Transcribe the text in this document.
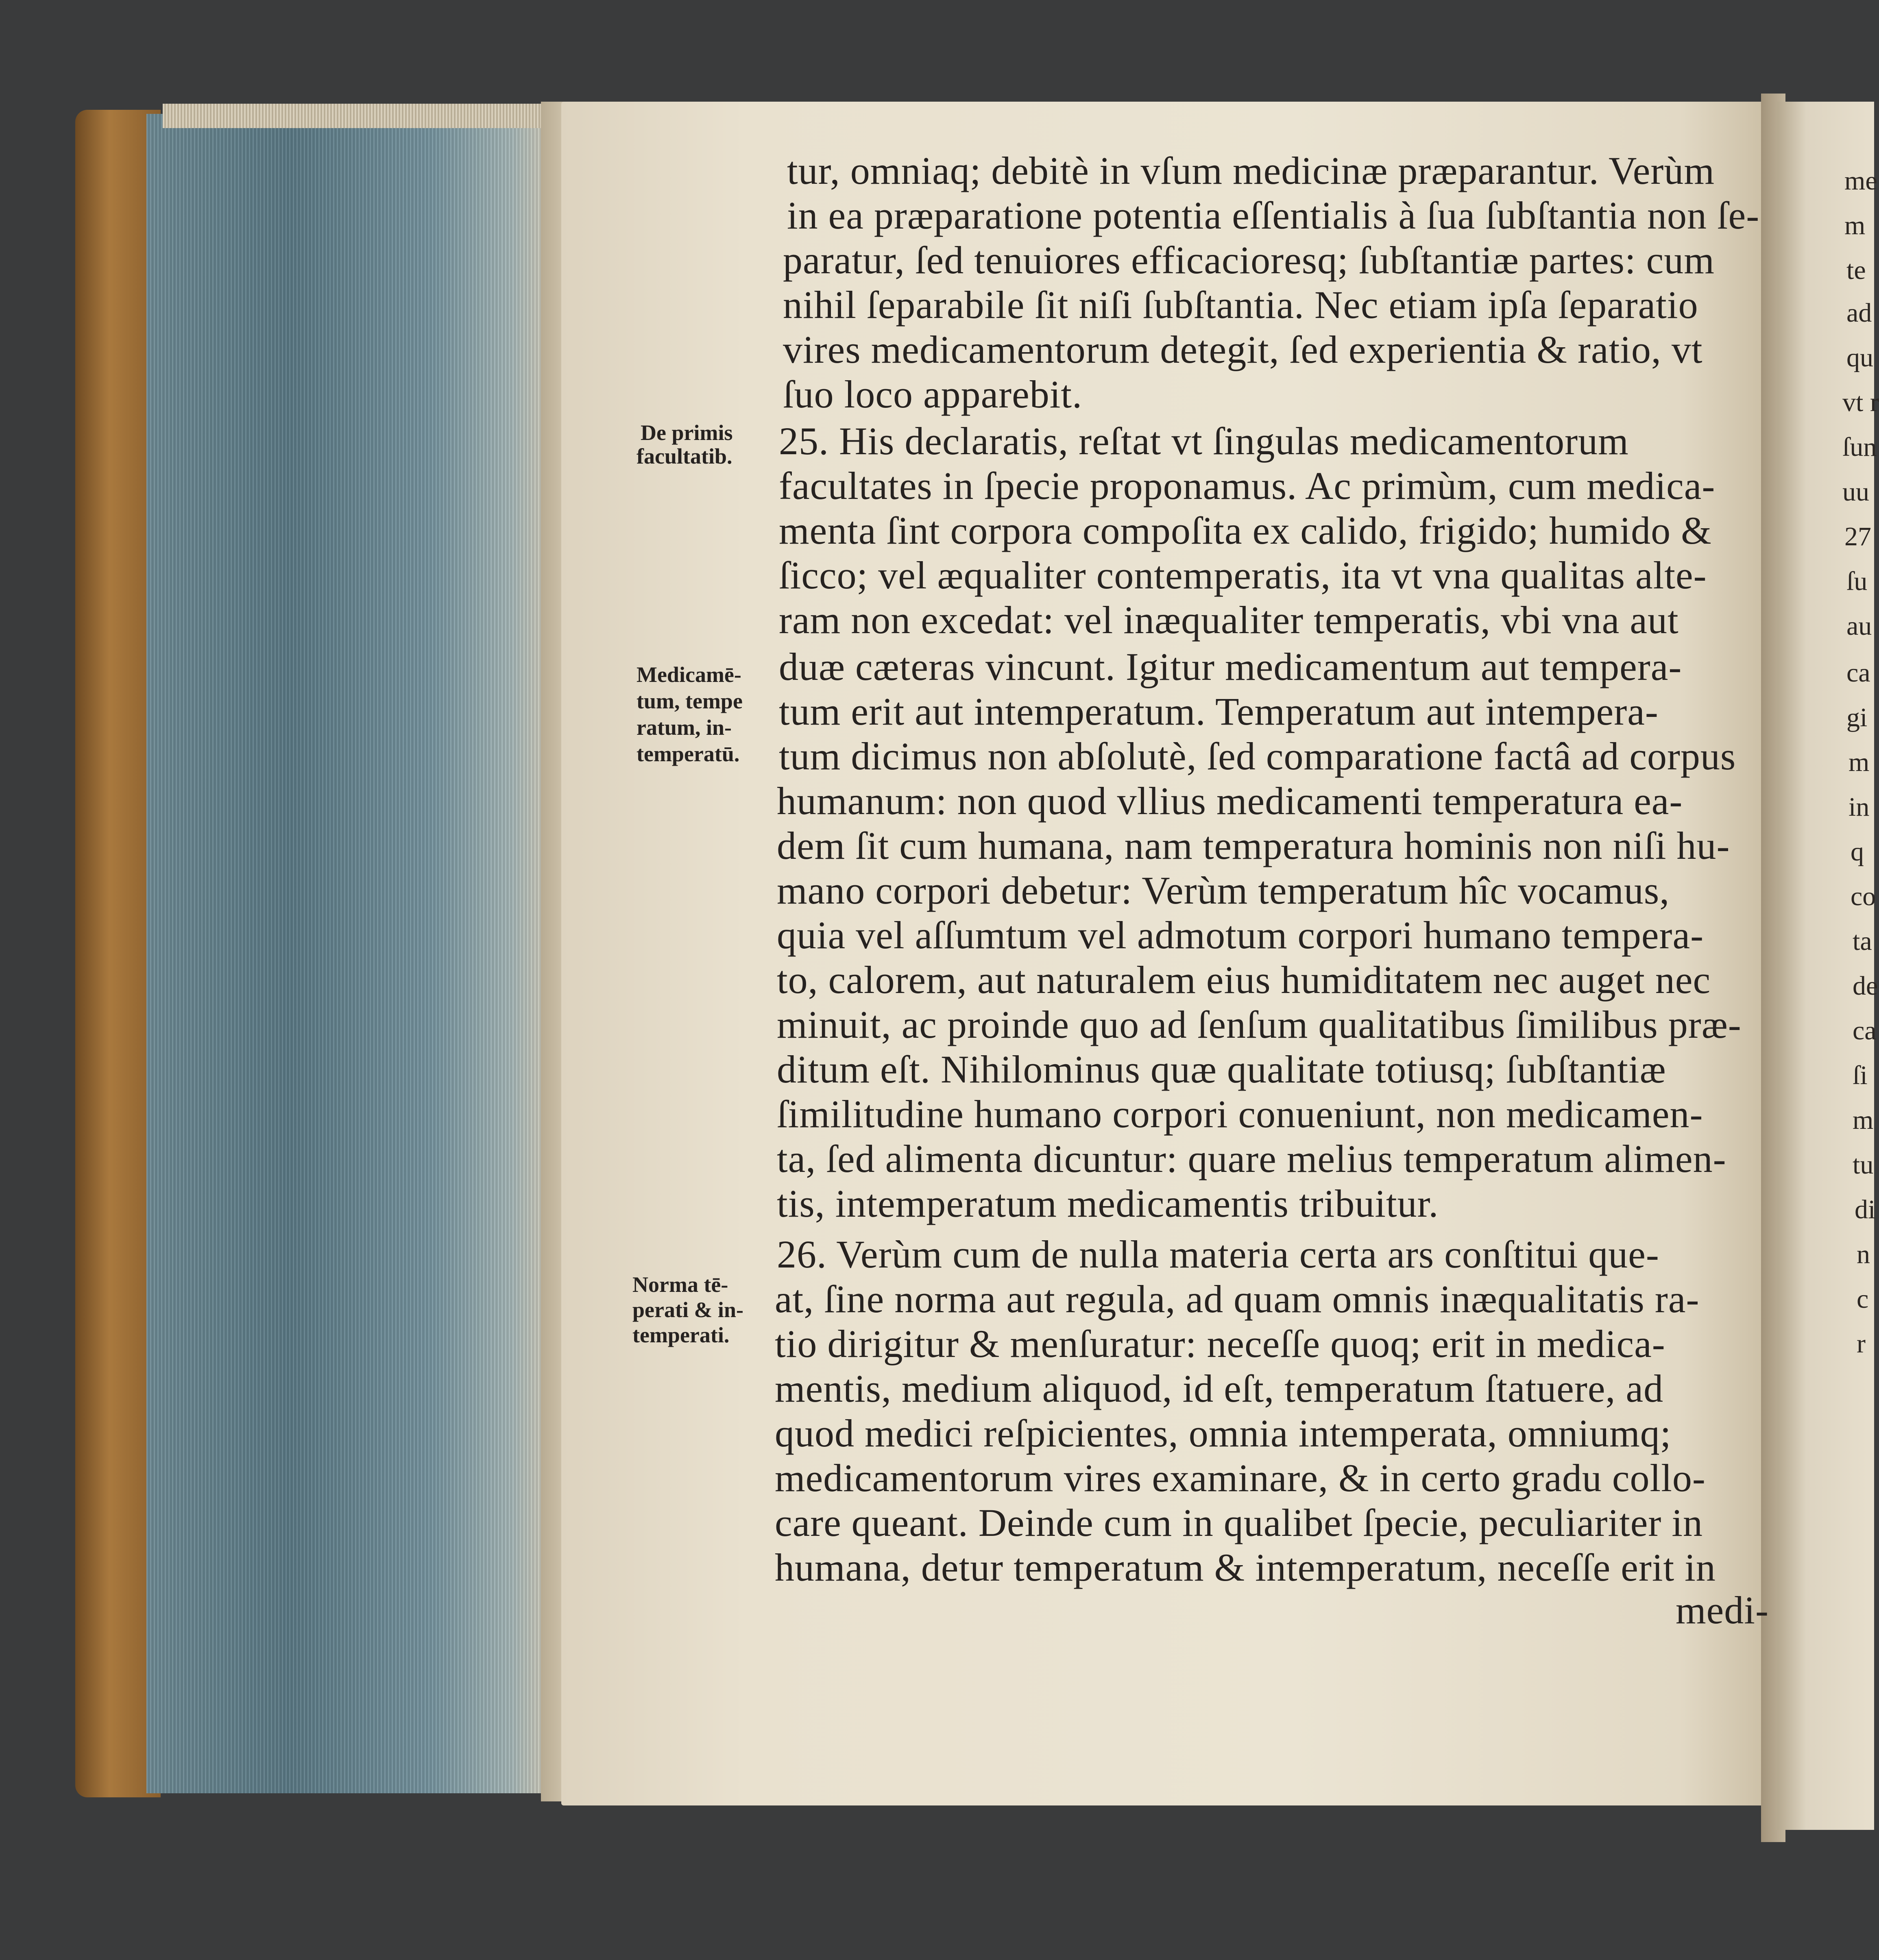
tur, omniaq; debitè in vſum medicinæ præparantur. Verùm

in ea præparatione potentia eſſentialis à ſua ſubſtantia non ſe-

paratur, ſed tenuiores efficacioresq; ſubſtantiæ partes: cum

nihil ſeparabile ſit niſi ſubſtantia. Nec etiam ipſa ſeparatio

vires medicamentorum detegit, ſed experientia & ratio, vt

ſuo loco apparebit.

25. His declaratis, reſtat vt ſingulas medicamentorum

facultates in ſpecie proponamus. Ac primùm, cum medica-

menta ſint corpora compoſita ex calido, frigido; humido &

ſicco; vel æqualiter contemperatis, ita vt vna qualitas alte-

ram non excedat: vel inæqualiter temperatis, vbi vna aut

duæ cæteras vincunt. Igitur medicamentum aut tempera-

tum erit aut intemperatum. Temperatum aut intempera-

tum dicimus non abſolutè, ſed comparatione factâ ad corpus

humanum: non quod vllius medicamenti temperatura ea-

dem ſit cum humana, nam temperatura hominis non niſi hu-

mano corpori debetur: Verùm temperatum hîc vocamus,

quia vel aſſumtum vel admotum corpori humano tempera-

to, calorem, aut naturalem eius humiditatem nec auget nec

minuit, ac proinde quo ad ſenſum qualitatibus ſimilibus præ-

ditum eſt. Nihilominus quæ qualitate totiusq; ſubſtantiæ

ſimilitudine humano corpori conueniunt, non medicamen-

ta, ſed alimenta dicuntur: quare melius temperatum alimen-

tis, intemperatum medicamentis tribuitur.

26. Verùm cum de nulla materia certa ars conſtitui que-

at, ſine norma aut regula, ad quam omnis inæqualitatis ra-

tio dirigitur & menſuratur: neceſſe quoq; erit in medica-

mentis, medium aliquod, id eſt, temperatum ſtatuere, ad

quod medici reſpicientes, omnia intemperata, omniumq;

medicamentorum vires examinare, & in certo gradu collo-

care queant. Deinde cum in qualibet ſpecie, peculiariter in

humana, detur temperatum & intemperatum, neceſſe erit in

medi-

De primis

facultatib.

Medicamē-

tum, tempe

ratum, in-

temperatū.

Norma tē-

perati & in-

temperati.

me

m

te

ad

qu

vt r

ſun

uu

27

ſu

au

ca

gi

m

in

q

co

ta

de

ca

ſi

m

tu

di

n

c

r
